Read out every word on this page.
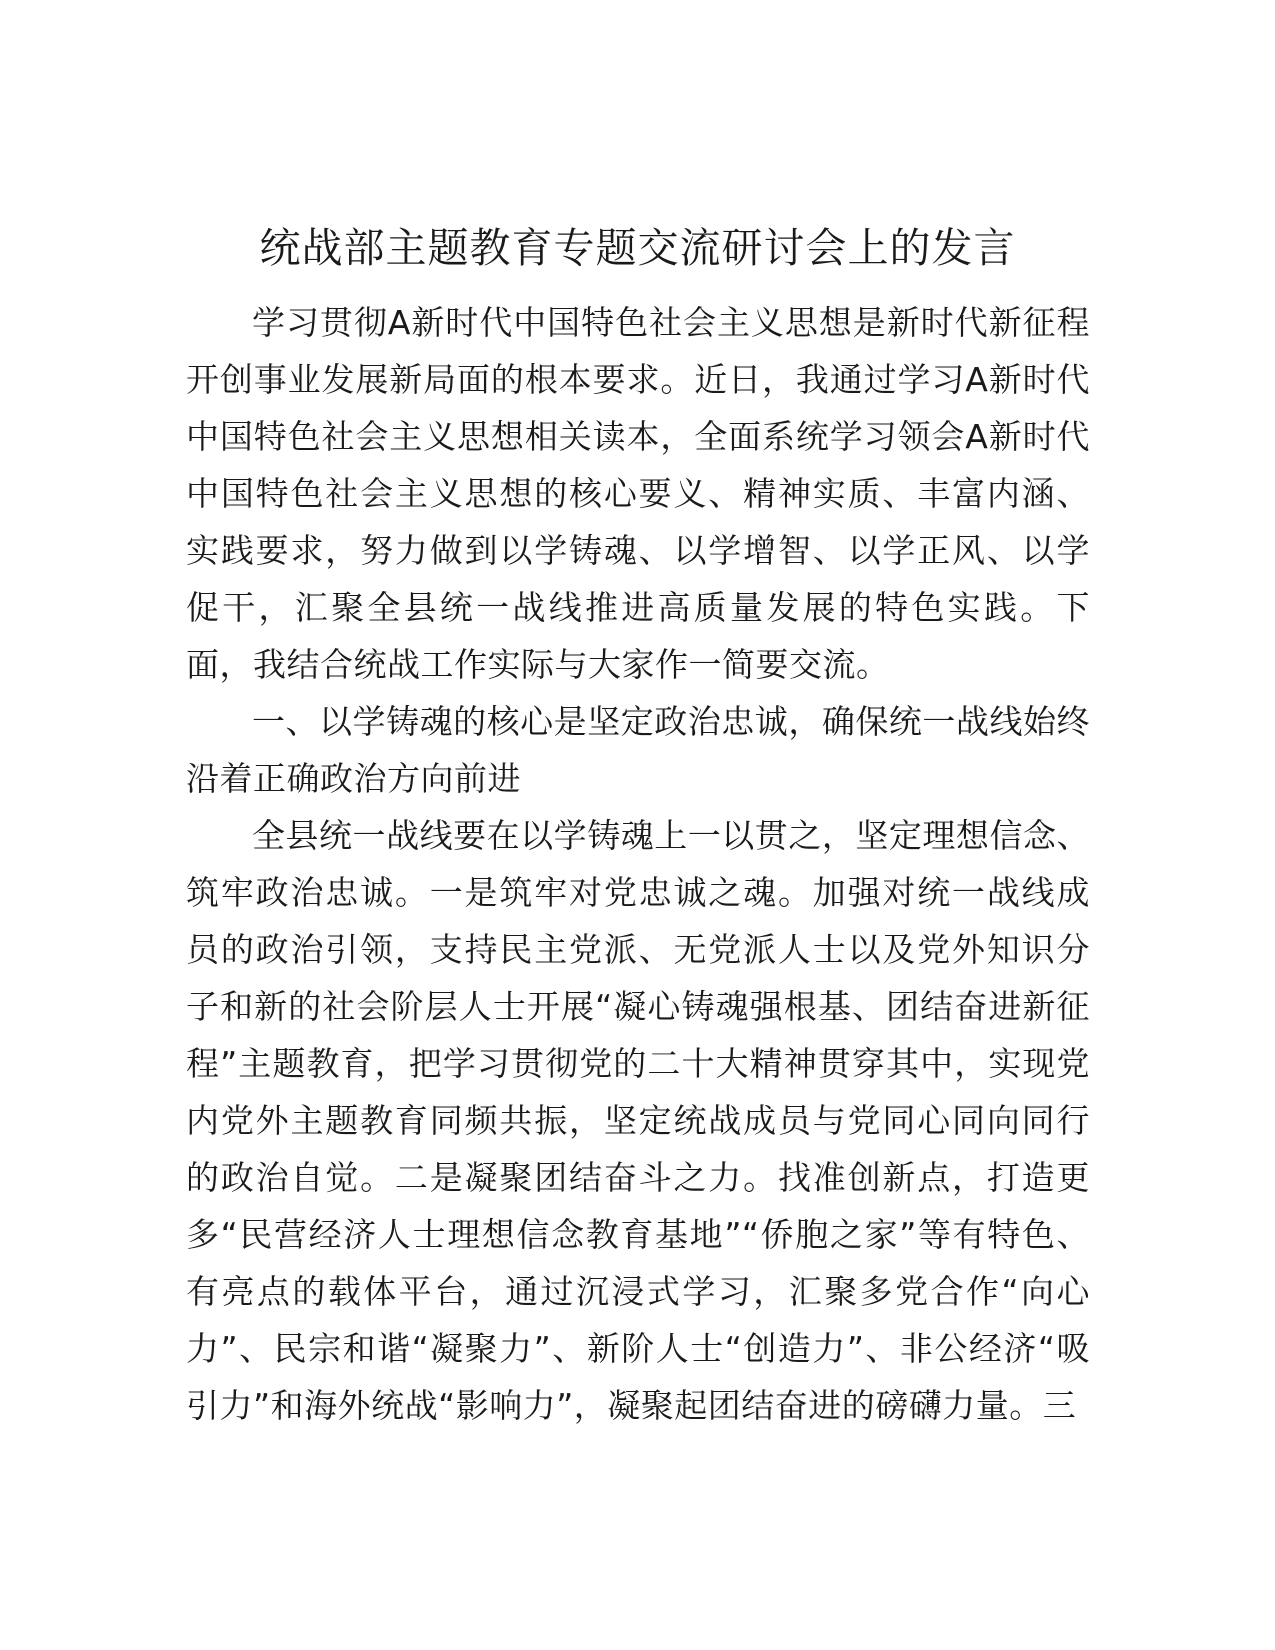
统战部主题教育专题交流研讨会上的发言

学习贯彻A新时代中国特色社会主义思想是新时代新征程开创事业发展新局面的根本要求。近日，我通过学习A新时代中国特色社会主义思想相关读本，全面系统学习领会A新时代中国特色社会主义思想的核心要义、精神实质、丰富内涵、实践要求，努力做到以学铸魂、以学增智、以学正风、以学促干，汇聚全县统一战线推进高质量发展的特色实践。下面，我结合统战工作实际与大家作一简要交流。

一、以学铸魂的核心是坚定政治忠诚，确保统一战线始终沿着正确政治方向前进

全县统一战线要在以学铸魂上一以贯之，坚定理想信念、筑牢政治忠诚。一是筑牢对党忠诚之魂。加强对统一战线成员的政治引领，支持民主党派、无党派人士以及党外知识分子和新的社会阶层人士开展“凝心铸魂强根基、团结奋进新征程”主题教育，把学习贯彻党的二十大精神贯穿其中，实现党内党外主题教育同频共振，坚定统战成员与党同心同向同行的政治自觉。二是凝聚团结奋斗之力。找准创新点，打造更多“民营经济人士理想信念教育基地”“侨胞之家”等有特色、有亮点的载体平台，通过沉浸式学习，汇聚多党合作“向心力”、民宗和谐“凝聚力”、新阶人士“创造力”、非公经济“吸引力”和海外统战“影响力”，凝聚起团结奋进的磅礴力量。三
